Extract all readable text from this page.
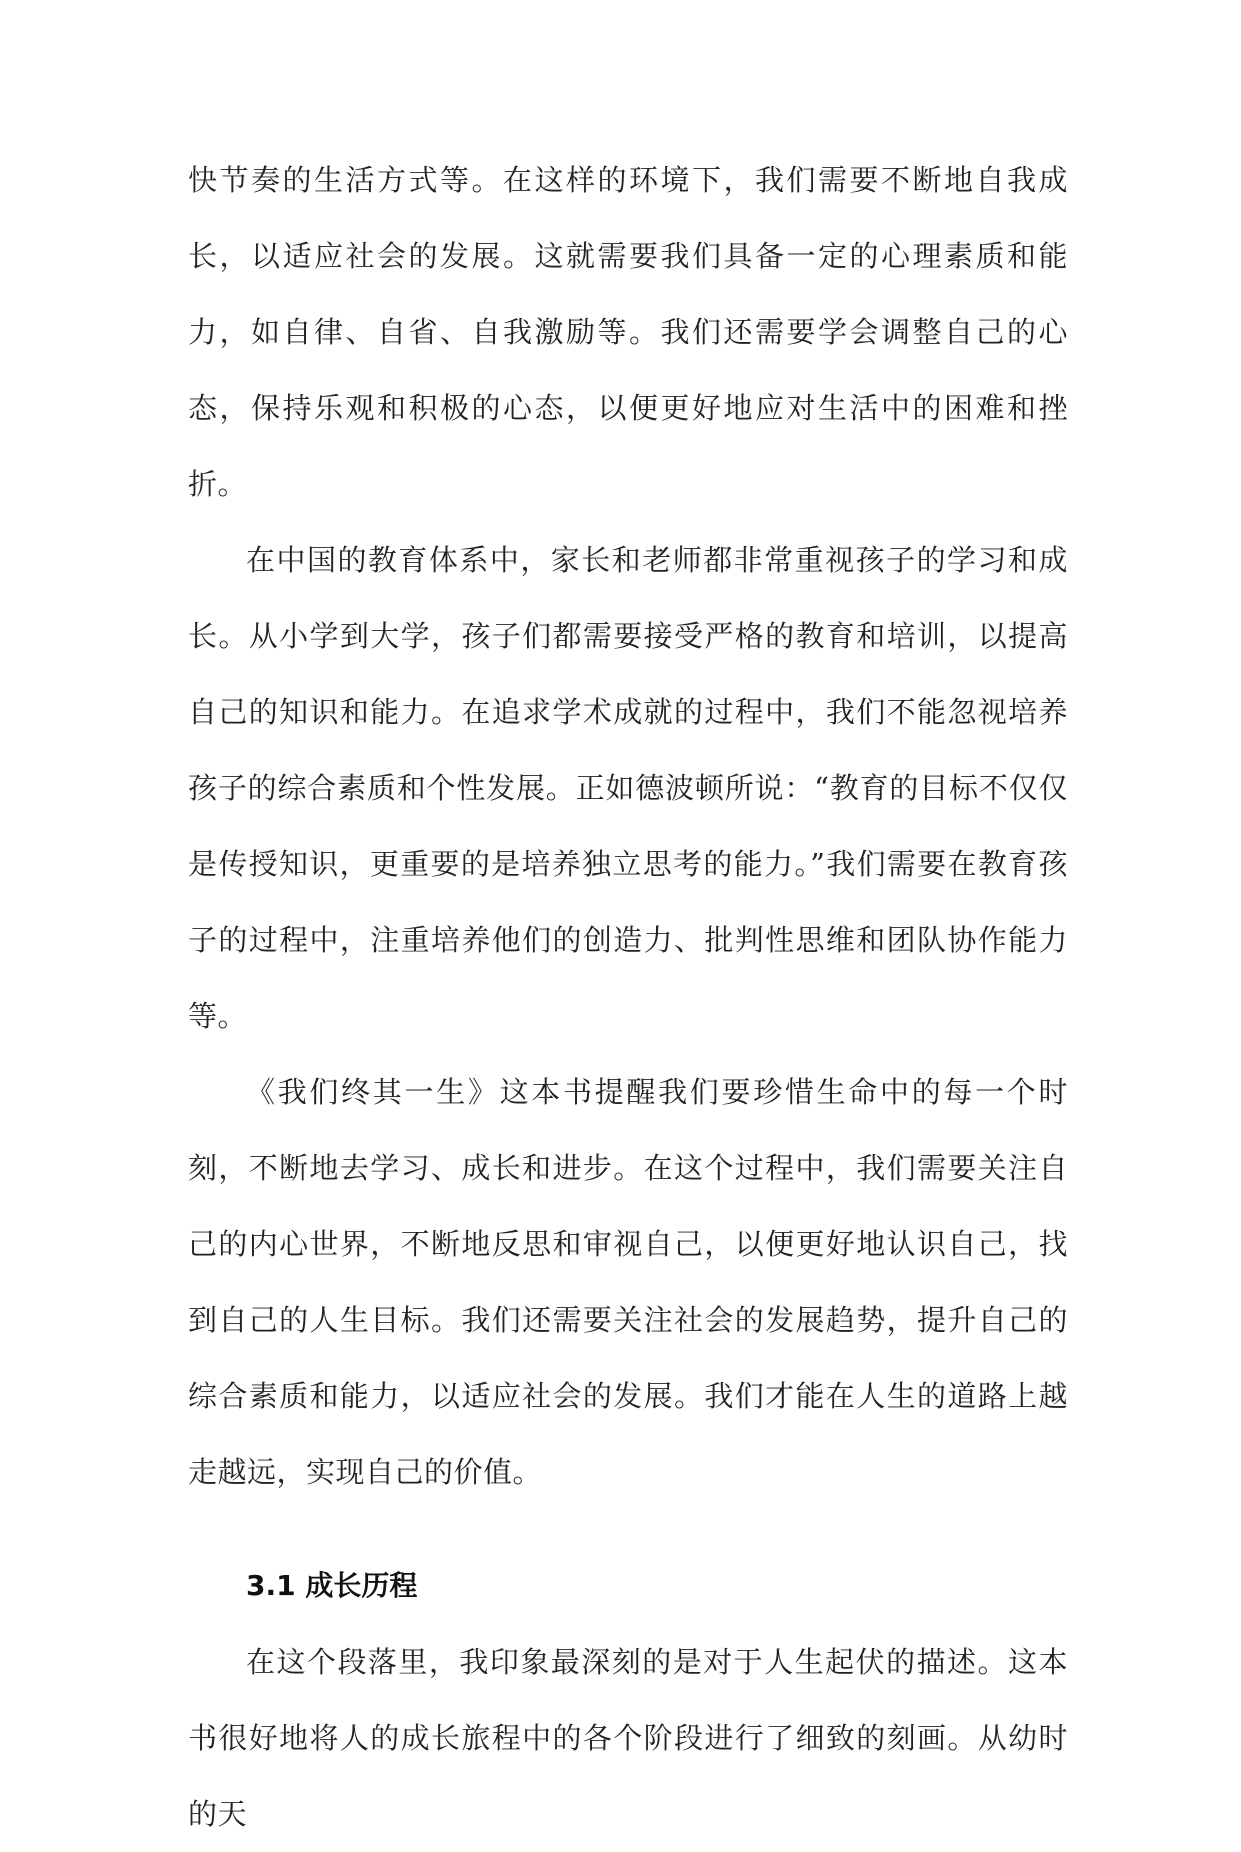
快节奏的生活方式等。在这样的环境下，我们需要不断地自我成长，以适应社会的发展。这就需要我们具备一定的心理素质和能力，如自律、自省、自我激励等。我们还需要学会调整自己的心态，保持乐观和积极的心态，以便更好地应对生活中的困难和挫折。

在中国的教育体系中，家长和老师都非常重视孩子的学习和成长。从小学到大学，孩子们都需要接受严格的教育和培训，以提高自己的知识和能力。在追求学术成就的过程中，我们不能忽视培养孩子的综合素质和个性发展。正如德波顿所说：“教育的目标不仅仅是传授知识，更重要的是培养独立思考的能力。”我们需要在教育孩子的过程中，注重培养他们的创造力、批判性思维和团队协作能力等。

《我们终其一生》这本书提醒我们要珍惜生命中的每一个时刻，不断地去学习、成长和进步。在这个过程中，我们需要关注自己的内心世界，不断地反思和审视自己，以便更好地认识自己，找到自己的人生目标。我们还需要关注社会的发展趋势，提升自己的综合素质和能力，以适应社会的发展。我们才能在人生的道路上越走越远，实现自己的价值。

3.1 成长历程

在这个段落里，我印象最深刻的是对于人生起伏的描述。这本书很好地将人的成长旅程中的各个阶段进行了细致的刻画。从幼时的天
